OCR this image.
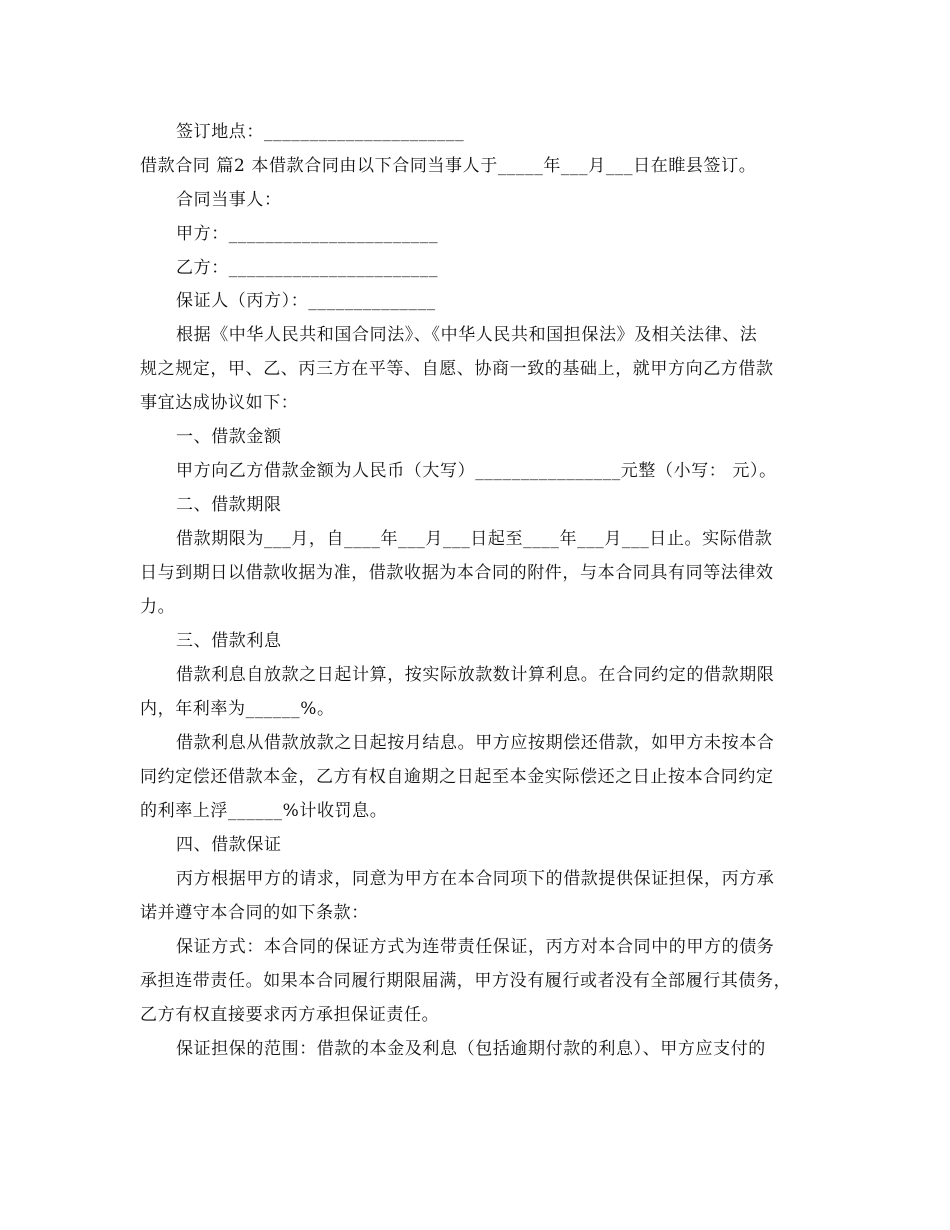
签订地点：______________________
借款合同 篇2 本借款合同由以下合同当事人于_____年___月___日在睢县签订。
合同当事人：
甲方：_______________________
乙方：_______________________
保证人（丙方）：______________
根据《中华人民共和国合同法》、《中华人民共和国担保法》及相关法律、法
规之规定，甲、乙、丙三方在平等、自愿、协商一致的基础上，就甲方向乙方借款
事宜达成协议如下：
一、借款金额
甲方向乙方借款金额为人民币（大写）________________元整（小写： 元）。
二、借款期限
借款期限为___月，自____年___月___日起至____年___月___日止。实际借款
日与到期日以借款收据为准，借款收据为本合同的附件，与本合同具有同等法律效
力。
三、借款利息
借款利息自放款之日起计算，按实际放款数计算利息。在合同约定的借款期限
内，年利率为______%。
借款利息从借款放款之日起按月结息。甲方应按期偿还借款，如甲方未按本合
同约定偿还借款本金，乙方有权自逾期之日起至本金实际偿还之日止按本合同约定
的利率上浮______%计收罚息。
四、借款保证
丙方根据甲方的请求，同意为甲方在本合同项下的借款提供保证担保，丙方承
诺并遵守本合同的如下条款：
保证方式：本合同的保证方式为连带责任保证，丙方对本合同中的甲方的债务
承担连带责任。如果本合同履行期限届满，甲方没有履行或者没有全部履行其债务，
乙方有权直接要求丙方承担保证责任。
保证担保的范围：借款的本金及利息（包括逾期付款的利息）、甲方应支付的
